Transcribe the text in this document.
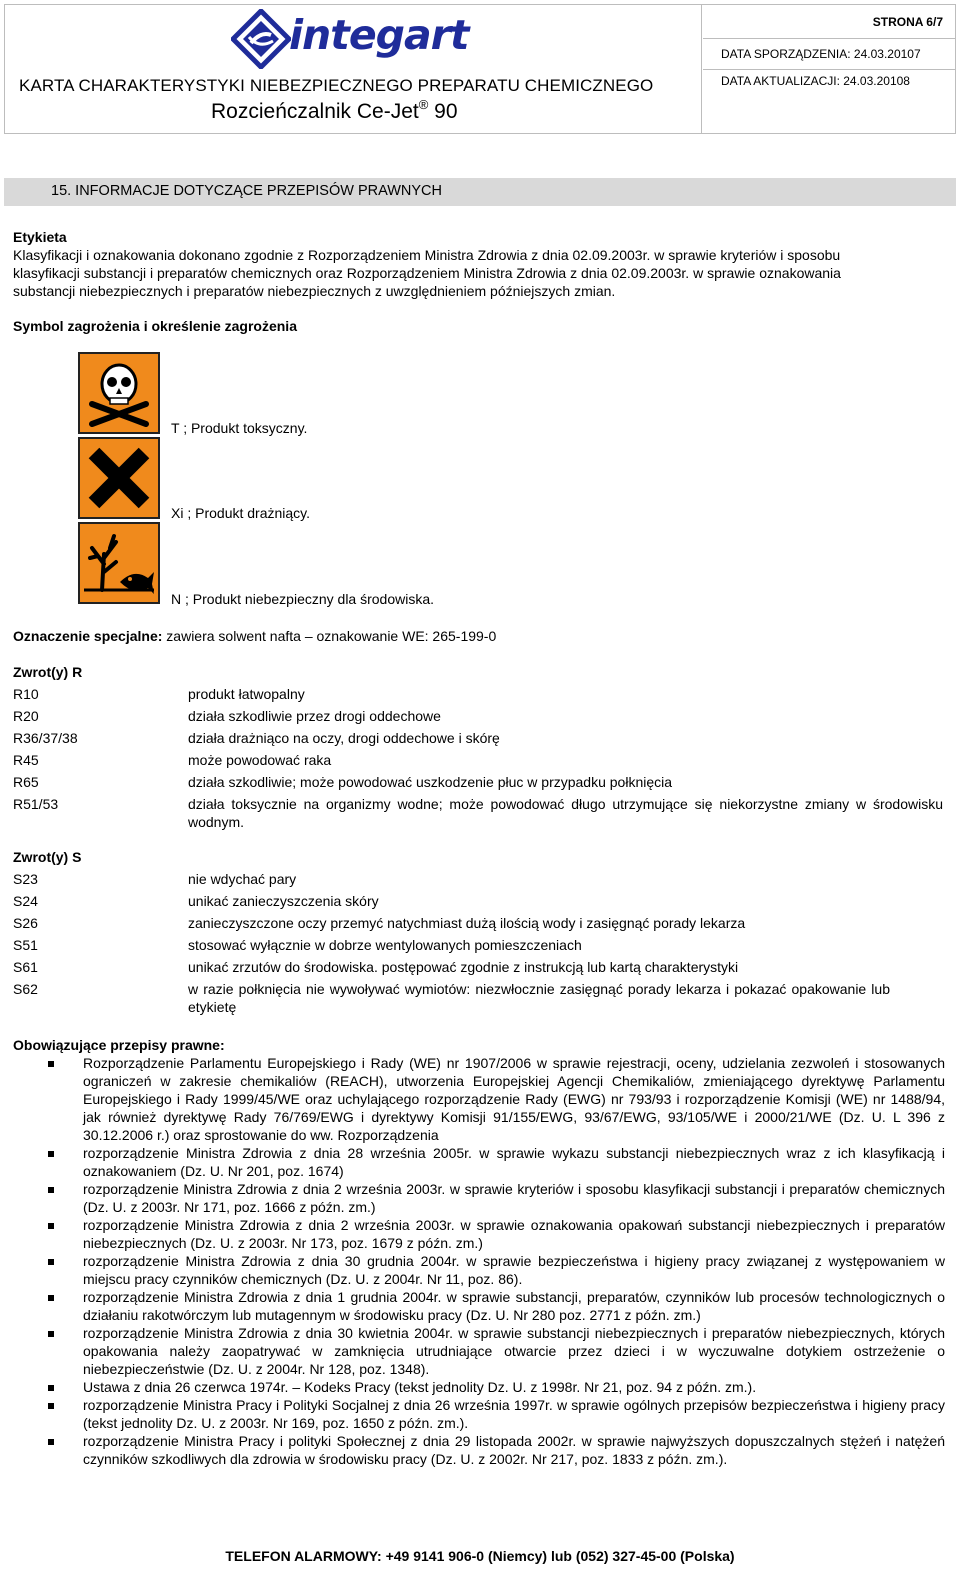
integart
KARTA CHARAKTERYSTYKI NIEBEZPIECZNEGO PREPARATU CHEMICZNEGO
Rozcieńczalnik Ce-Jet® 90
STRONA 6/7
DATA SPORZĄDZENIA: 24.03.20107
DATA AKTUALIZACJI: 24.03.20108
15. INFORMACJE DOTYCZĄCE PRZEPISÓW PRAWNYCH
Etykieta
Klasyfikacji i oznakowania dokonano zgodnie z Rozporządzeniem Ministra Zdrowia z dnia 02.09.2003r. w sprawie kryteriów i sposobu
klasyfikacji substancji i preparatów chemicznych oraz Rozporządzeniem Ministra Zdrowia z dnia 02.09.2003r. w sprawie oznakowania
substancji niebezpiecznych i preparatów niebezpiecznych z uwzględnieniem późniejszych zmian.
Symbol zagrożenia i określenie zagrożenia
T ; Produkt toksyczny.
Xi ; Produkt drażniący.
N ; Produkt niebezpieczny dla środowiska.
Oznaczenie specjalne: zawiera solwent nafta – oznakowanie WE: 265-199-0
Zwrot(y) R
R10	produkt łatwopalny
R20	działa szkodliwie przez drogi oddechowe
R36/37/38	działa drażniąco na oczy, drogi oddechowe i skórę
R45	może powodować raka
R65	działa szkodliwie; może powodować uszkodzenie płuc w przypadku połknięcia
R51/53	działa toksycznie na organizmy wodne; może powodować długo utrzymujące się niekorzystne zmiany w środowisku wodnym.
Zwrot(y) S
S23	nie wdychać pary
S24	unikać zanieczyszczenia skóry
S26	zanieczyszczone oczy przemyć natychmiast dużą ilością wody i zasięgnąć porady lekarza
S51	stosować wyłącznie w dobrze wentylowanych pomieszczeniach
S61	unikać zrzutów do środowiska. postępować zgodnie z instrukcją lub kartą charakterystyki
S62	w razie połknięcia nie wywoływać wymiotów: niezwłocznie zasięgnąć porady lekarza i pokazać opakowanie lub etykietę
Obowiązujące przepisy prawne:
Rozporządzenie Parlamentu Europejskiego i Rady (WE) nr 1907/2006 w sprawie rejestracji, oceny, udzielania zezwoleń i stosowanych ograniczeń w zakresie chemikaliów (REACH), utworzenia Europejskiej Agencji Chemikaliów, zmieniającego dyrektywę Parlamentu Europejskiego i Rady 1999/45/WE oraz uchylającego rozporządzenie Rady (EWG) nr 793/93 i rozporządzenie Komisji (WE) nr 1488/94, jak również dyrektywę Rady 76/769/EWG i dyrektywy Komisji 91/155/EWG, 93/67/EWG, 93/105/WE i 2000/21/WE (Dz. U. L 396 z 30.12.2006 r.) oraz sprostowanie do ww. Rozporządzenia
rozporządzenie Ministra Zdrowia z dnia 28 września 2005r. w sprawie wykazu substancji niebezpiecznych wraz z ich klasyfikacją i oznakowaniem (Dz. U. Nr 201, poz. 1674)
rozporządzenie Ministra Zdrowia z dnia 2 września 2003r. w sprawie kryteriów i sposobu klasyfikacji substancji i preparatów chemicznych (Dz. U. z 2003r. Nr 171, poz. 1666 z późn. zm.)
rozporządzenie Ministra Zdrowia z dnia 2 września 2003r. w sprawie oznakowania opakowań substancji niebezpiecznych i preparatów niebezpiecznych (Dz. U. z 2003r. Nr 173, poz. 1679 z późn. zm.)
rozporządzenie Ministra Zdrowia z dnia 30 grudnia 2004r. w sprawie bezpieczeństwa i higieny pracy związanej z występowaniem w miejscu pracy czynników chemicznych (Dz. U. z 2004r. Nr 11, poz. 86).
rozporządzenie Ministra Zdrowia z dnia 1 grudnia 2004r. w sprawie substancji, preparatów, czynników lub procesów technologicznych o działaniu rakotwórczym lub mutagennym w środowisku pracy (Dz. U. Nr 280 poz. 2771 z późn. zm.)
rozporządzenie Ministra Zdrowia z dnia 30 kwietnia 2004r. w sprawie substancji niebezpiecznych i preparatów niebezpiecznych, których opakowania należy zaopatrywać w zamknięcia utrudniające otwarcie przez dzieci i w wyczuwalne dotykiem ostrzeżenie o niebezpieczeństwie (Dz. U. z 2004r. Nr 128, poz. 1348).
Ustawa z dnia 26 czerwca 1974r. – Kodeks Pracy (tekst jednolity Dz. U. z 1998r. Nr 21, poz. 94 z późn. zm.).
rozporządzenie Ministra Pracy i Polityki Socjalnej z dnia 26 września 1997r. w sprawie ogólnych przepisów bezpieczeństwa i higieny pracy (tekst jednolity Dz. U. z 2003r. Nr 169, poz. 1650 z późn. zm.).
rozporządzenie Ministra Pracy i polityki Społecznej z dnia 29 listopada 2002r. w sprawie najwyższych dopuszczalnych stężeń i natężeń czynników szkodliwych dla zdrowia w środowisku pracy (Dz. U. z 2002r. Nr 217, poz. 1833 z późn. zm.).
TELEFON ALARMOWY: +49 9141 906-0 (Niemcy) lub (052) 327-45-00 (Polska)
